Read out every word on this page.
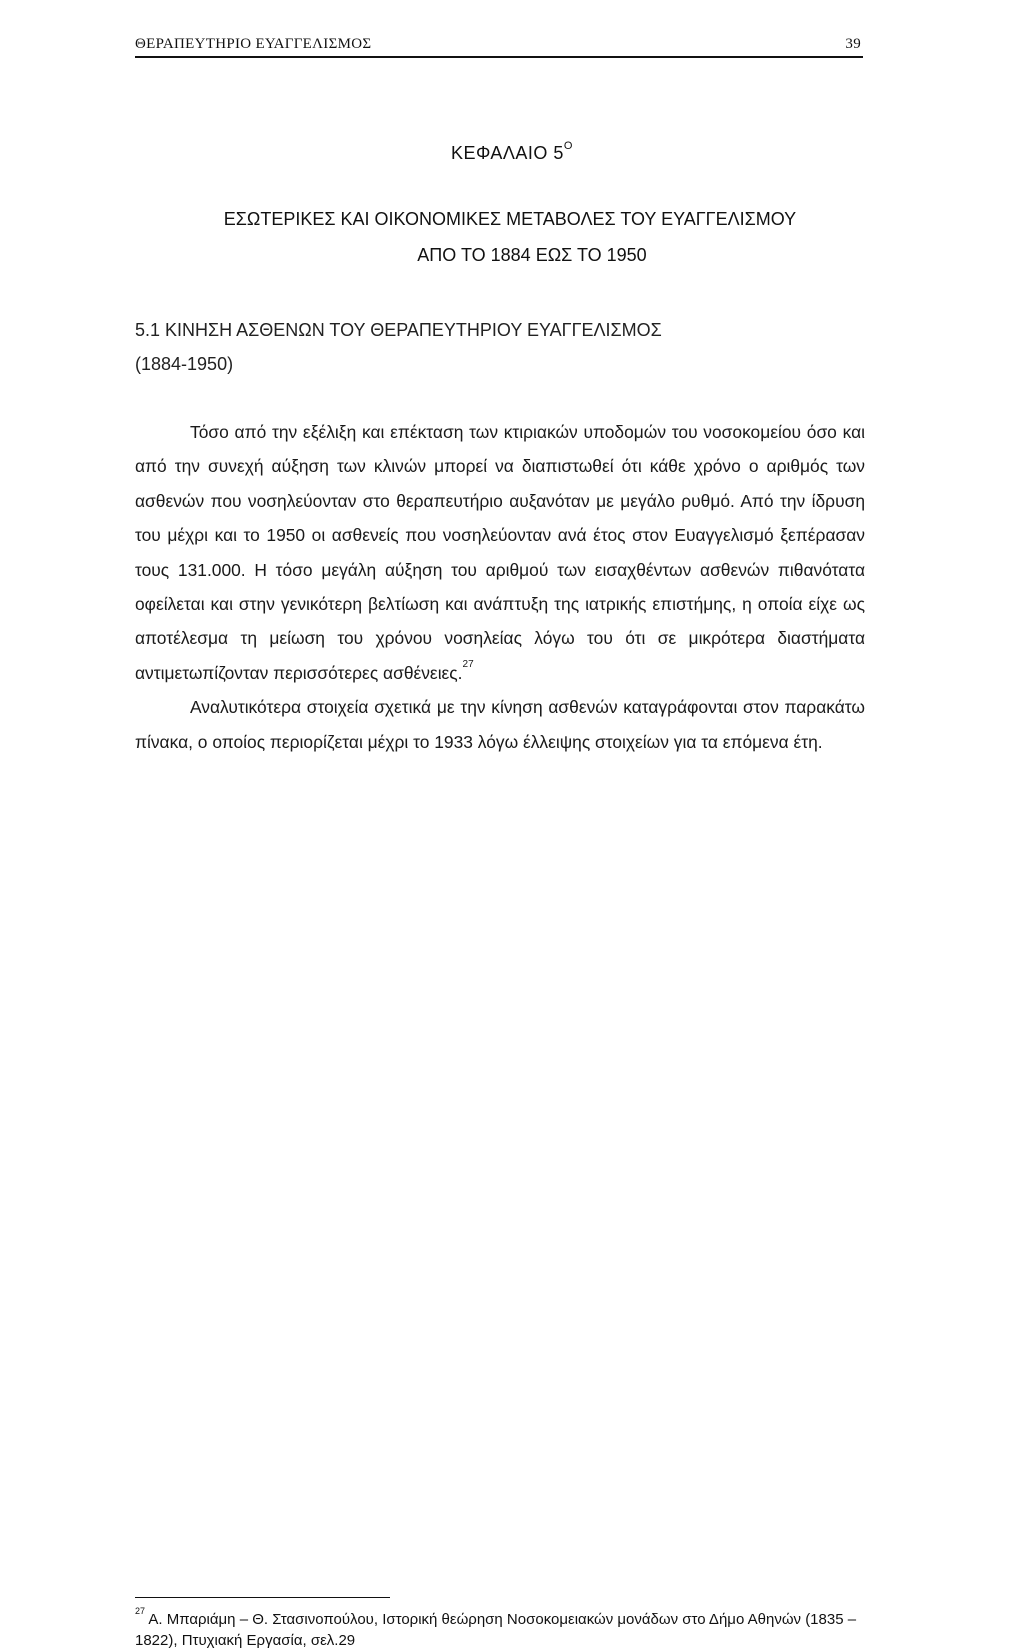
ΘΕΡΑΠΕΥΤΗΡΙΟ ΕΥΑΓΓΕΛΙΣΜΟΣ	39
ΚΕΦΑΛΑΙΟ $5^O$
ΕΣΩΤΕΡΙΚΕΣ ΚΑΙ ΟΙΚΟΝΟΜΙΚΕΣ ΜΕΤΑΒΟΛΕΣ ΤΟΥ ΕΥΑΓΓΕΛΙΣΜΟΥ
ΑΠΟ ΤΟ 1884 ΕΩΣ ΤΟ 1950
5.1 ΚΙΝΗΣΗ ΑΣΘΕΝΩΝ ΤΟΥ ΘΕΡΑΠΕΥΤΗΡΙΟΥ ΕΥΑΓΓΕΛΙΣΜΟΣ
(1884-1950)

Τόσο από την εξέλιξη και επέκταση των κτιριακών υποδομών του νοσοκομείου όσο και από την συνεχή αύξηση των κλινών μπορεί να διαπιστωθεί ότι κάθε χρόνο ο αριθμός των ασθενών που νοσηλεύονταν στο θεραπευτήριο αυξανόταν με μεγάλο ρυθμό. Από την ίδρυση του μέχρι και το 1950 οι ασθενείς που νοσηλεύονταν ανά έτος στον Ευαγγελισμό ξεπέρασαν τους 131.000. Η τόσο μεγάλη αύξηση του αριθμού των εισαχθέντων ασθενών πιθανότατα οφείλεται και στην γενικότερη βελτίωση και ανάπτυξη της ιατρικής επιστήμης, η οποία είχε ως αποτέλεσμα τη μείωση του χρόνου νοσηλείας λόγω του ότι σε μικρότερα διαστήματα αντιμετωπίζονταν περισσότερες ασθένειες.$^{27}$

Αναλυτικότερα στοιχεία σχετικά με την κίνηση ασθενών καταγράφονται στον παρακάτω πίνακα, ο οποίος περιορίζεται μέχρι το 1933 λόγω έλλειψης στοιχείων για τα επόμενα έτη.

$^{27}$ Α. Μπαριάμη – Θ. Στασινοπούλου, Ιστορική θεώρηση Νοσοκομειακών μονάδων στο Δήμο Αθηνών (1835 – 1822), Πτυχιακή Εργασία, σελ.29
